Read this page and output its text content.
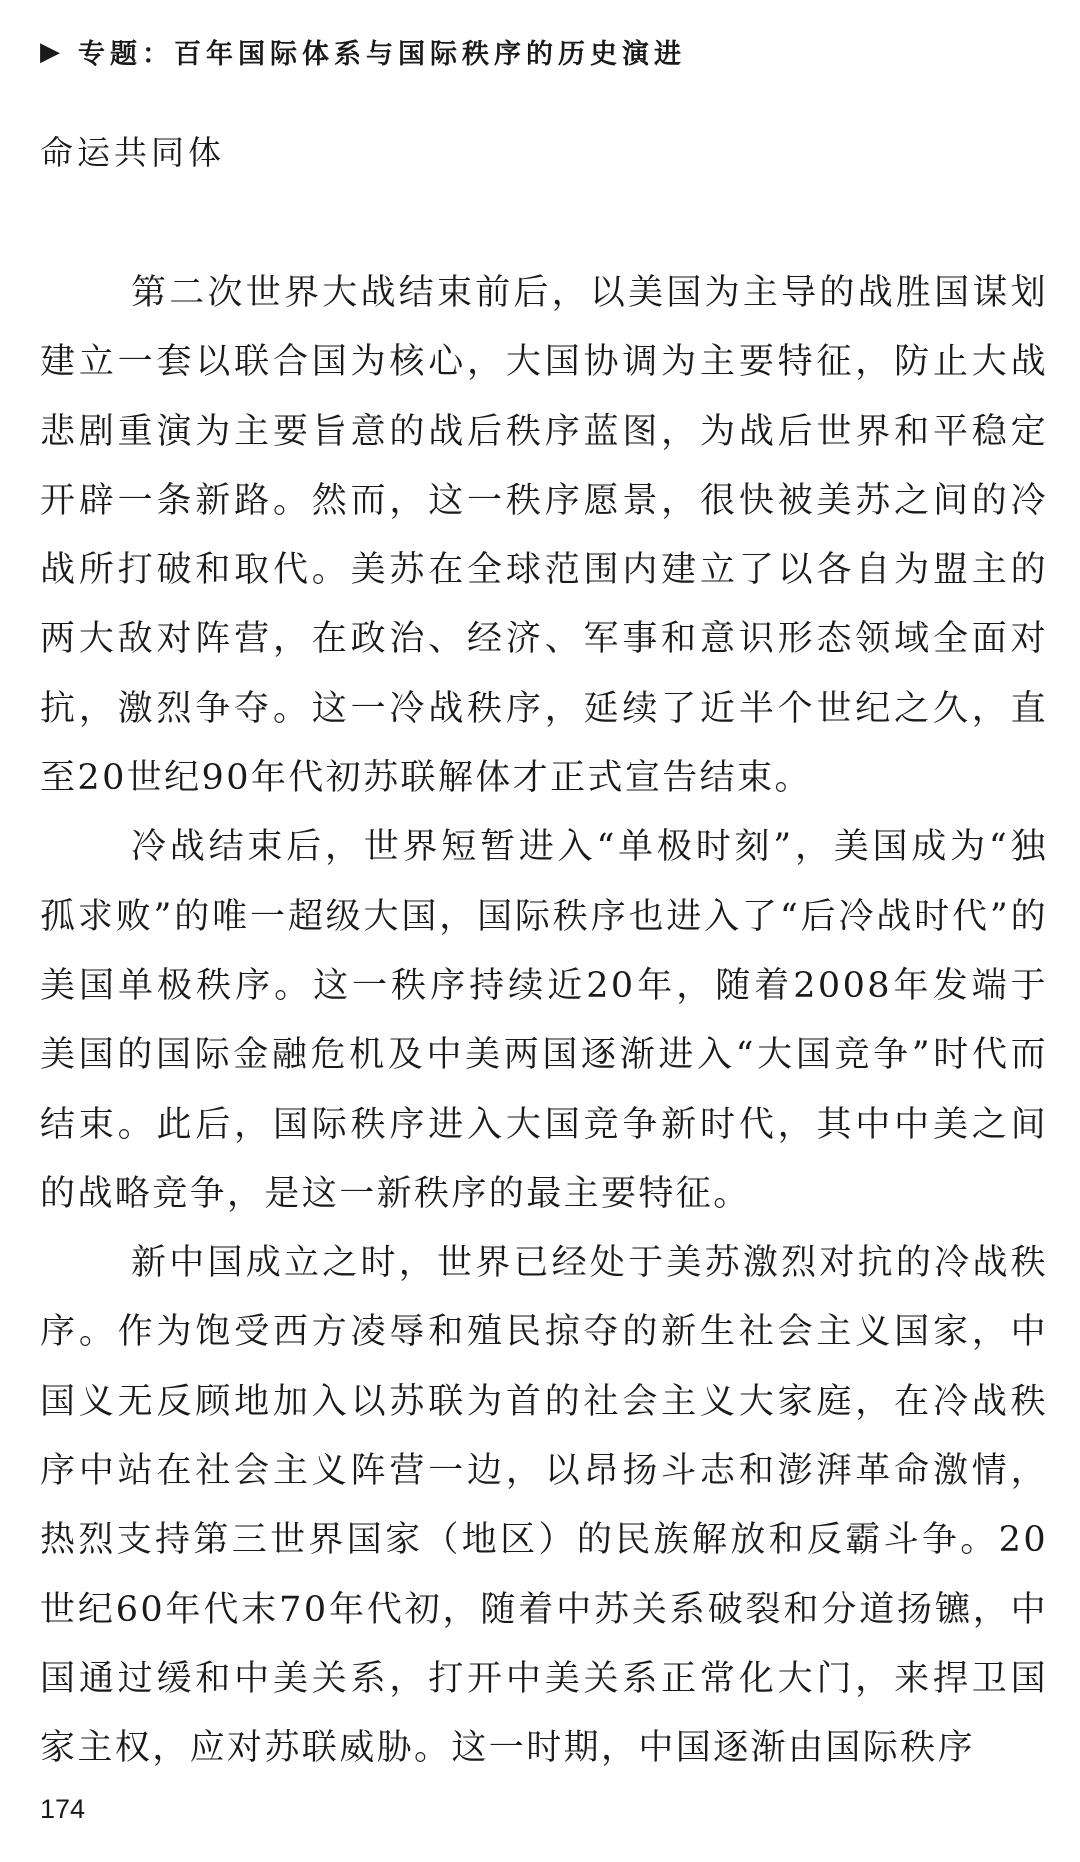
▶ 专题：百年国际体系与国际秩序的历史演进
命运共同体

第二次世界大战结束前后，以美国为主导的战胜国谋划建立一套以联合国为核心，大国协调为主要特征，防止大战悲剧重演为主要旨意的战后秩序蓝图，为战后世界和平稳定开辟一条新路。然而，这一秩序愿景，很快被美苏之间的冷战所打破和取代。美苏在全球范围内建立了以各自为盟主的两大敌对阵营，在政治、经济、军事和意识形态领域全面对抗，激烈争夺。这一冷战秩序，延续了近半个世纪之久，直至20世纪90年代初苏联解体才正式宣告结束。

冷战结束后，世界短暂进入“单极时刻”，美国成为“独孤求败”的唯一超级大国，国际秩序也进入了“后冷战时代”的美国单极秩序。这一秩序持续近20年，随着2008年发端于美国的国际金融危机及中美两国逐渐进入“大国竞争”时代而结束。此后，国际秩序进入大国竞争新时代，其中中美之间的战略竞争，是这一新秩序的最主要特征。

新中国成立之时，世界已经处于美苏激烈对抗的冷战秩序。作为饱受西方凌辱和殖民掠夺的新生社会主义国家，中国义无反顾地加入以苏联为首的社会主义大家庭，在冷战秩序中站在社会主义阵营一边，以昂扬斗志和澎湃革命激情，热烈支持第三世界国家（地区）的民族解放和反霸斗争。20世纪60年代末70年代初，随着中苏关系破裂和分道扬镳，中国通过缓和中美关系，打开中美关系正常化大门，来捍卫国家主权，应对苏联威胁。这一时期，中国逐渐由国际秩序

174
